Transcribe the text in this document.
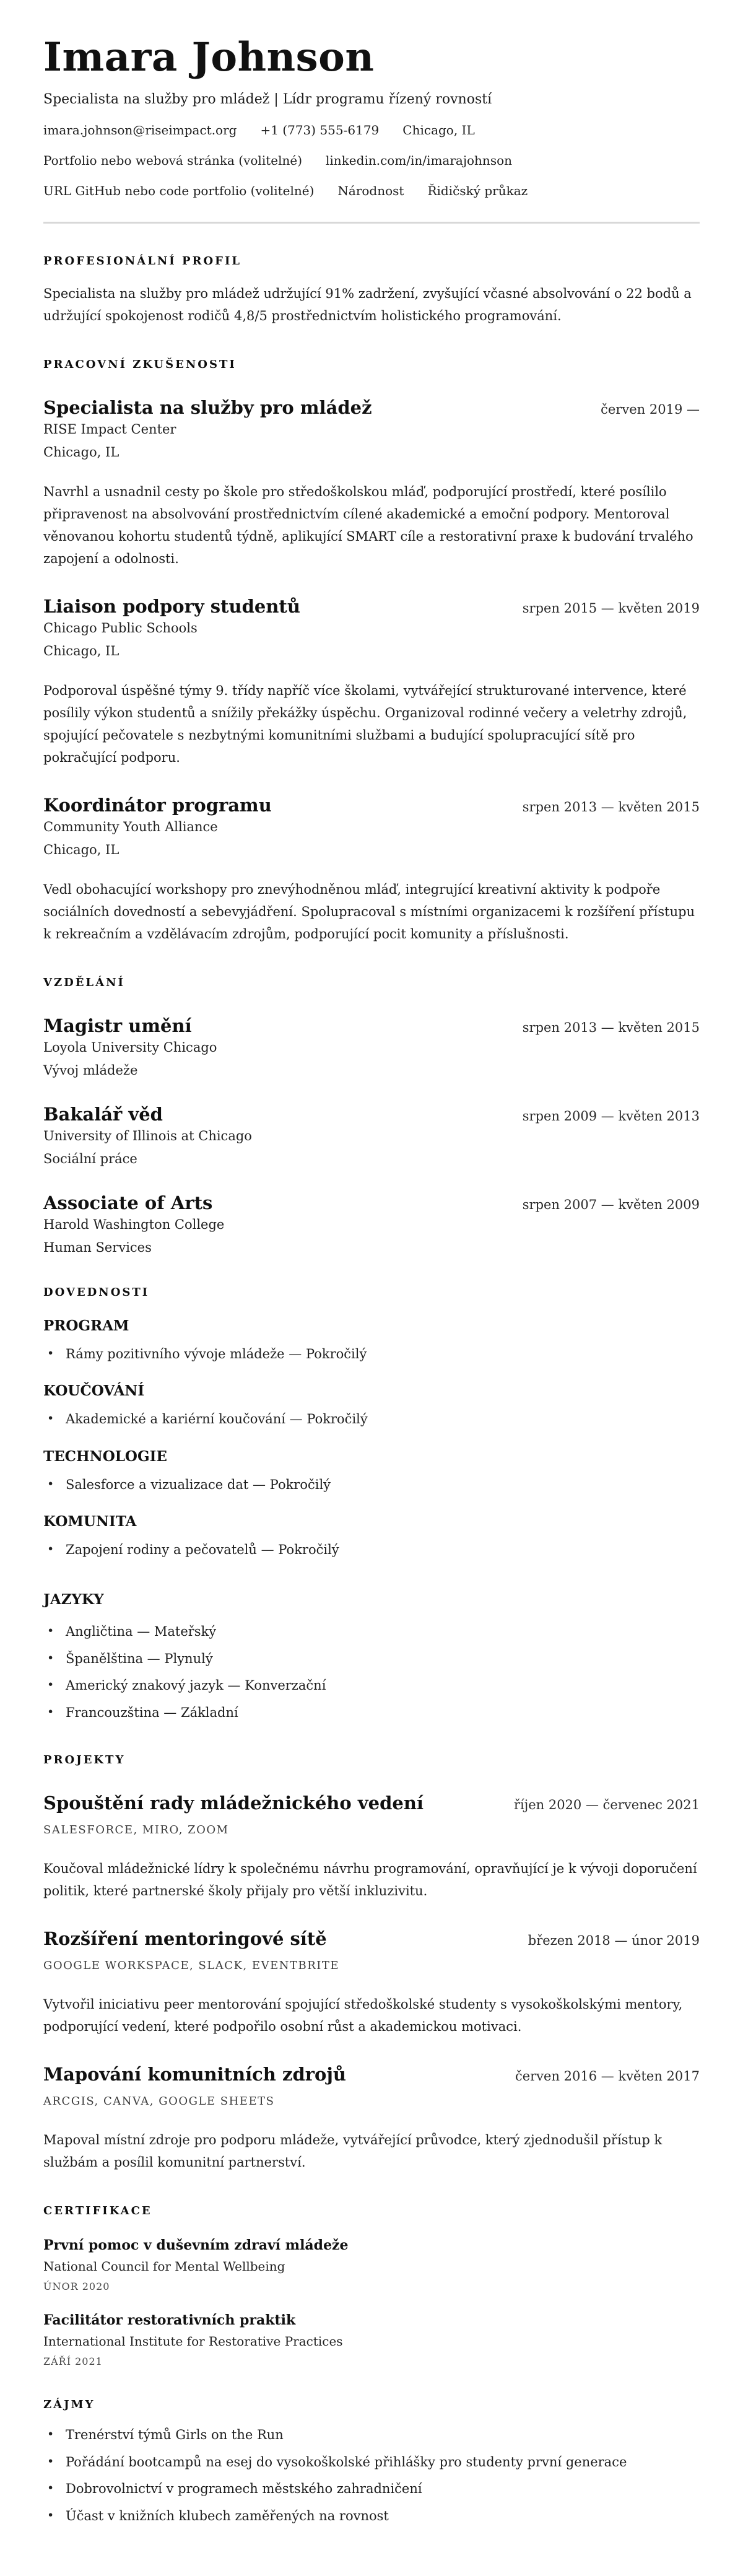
Imara Johnson
Specialista na služby pro mládež | Lídr programu řízený rovností
imara.johnson@riseimpact.org +1 (773) 555-6179 Chicago, IL
Portfolio nebo webová stránka (volitelné) linkedin.com/in/imarajohnson
URL GitHub nebo code portfolio (volitelné) Národnost Řidičský průkaz
PROFESIONÁLNÍ PROFIL

Specialista na služby pro mládež udržující 91% zadržení, zvyšující včasné absolvování o 22 bodů a udržující spokojenost rodičů 4,8/5 prostřednictvím holistického programování.

PRACOVNÍ ZKUŠENOSTI
Specialista na služby pro mládež	červen 2019 —
RISE Impact Center
Chicago, IL

Navrhl a usnadnil cesty po škole pro středoškolskou mláď, podporující prostředí, které posílilo připravenost na absolvování prostřednictvím cílené akademické a emoční podpory. Mentoroval věnovanou kohortu studentů týdně, aplikující SMART cíle a restorativní praxe k budování trvalého zapojení a odolnosti.

Liaison podpory studentů	srpen 2015 — květen 2019
Chicago Public Schools
Chicago, IL

Podporoval úspěšné týmy 9. třídy napříč více školami, vytvářející strukturované intervence, které posílily výkon studentů a snížily překážky úspěchu. Organizoval rodinné večery a veletrhy zdrojů, spojující pečovatele s nezbytnými komunitními službami a budující spolupracující sítě pro pokračující podporu.

Koordinátor programu	srpen 2013 — květen 2015
Community Youth Alliance
Chicago, IL

Vedl obohacující workshopy pro znevýhodněnou mláď, integrující kreativní aktivity k podpoře sociálních dovedností a sebevyjádření. Spolupracoval s místními organizacemi k rozšíření přístupu k rekreačním a vzdělávacím zdrojům, podporující pocit komunity a příslušnosti.

VZDĚLÁNÍ
Magistr umění	srpen 2013 — květen 2015
Loyola University Chicago
Vývoj mládeže
Bakalář věd	srpen 2009 — květen 2013
University of Illinois at Chicago
Sociální práce
Associate of Arts	srpen 2007 — květen 2009
Harold Washington College
Human Services
DOVEDNOSTI
PROGRAM
• Rámy pozitivního vývoje mládeže — Pokročilý
KOUČOVÁNÍ
• Akademické a kariérní koučování — Pokročilý
TECHNOLOGIE
• Salesforce a vizualizace dat — Pokročilý
KOMUNITA
• Zapojení rodiny a pečovatelů — Pokročilý
JAZYKY
• Angličtina — Mateřský
• Španělština — Plynulý
• Americký znakový jazyk — Konverzační
• Francouzština — Základní
PROJEKTY
Spouštění rady mládežnického vedení	říjen 2020 — červenec 2021
SALESFORCE, MIRO, ZOOM

Koučoval mládežnické lídry k společnému návrhu programování, opravňující je k vývoji doporučení politik, které partnerské školy přijaly pro větší inkluzivitu.

Rozšíření mentoringové sítě	březen 2018 — únor 2019
GOOGLE WORKSPACE, SLACK, EVENTBRITE

Vytvořil iniciativu peer mentorování spojující středoškolské studenty s vysokoškolskými mentory, podporující vedení, které podpořilo osobní růst a akademickou motivaci.

Mapování komunitních zdrojů	červen 2016 — květen 2017
ARCGIS, CANVA, GOOGLE SHEETS

Mapoval místní zdroje pro podporu mládeže, vytvářející průvodce, který zjednodušil přístup k službám a posílil komunitní partnerství.

CERTIFIKACE
První pomoc v duševním zdraví mládeže
National Council for Mental Wellbeing
ÚNOR 2020
Facilitátor restorativních praktik
International Institute for Restorative Practices
ZÁŘÍ 2021
ZÁJMY
• Trenérství týmů Girls on the Run
• Pořádání bootcampů na esej do vysokoškolské přihlášky pro studenty první generace
• Dobrovolnictví v programech městského zahradničení
• Účast v knižních klubech zaměřených na rovnost
